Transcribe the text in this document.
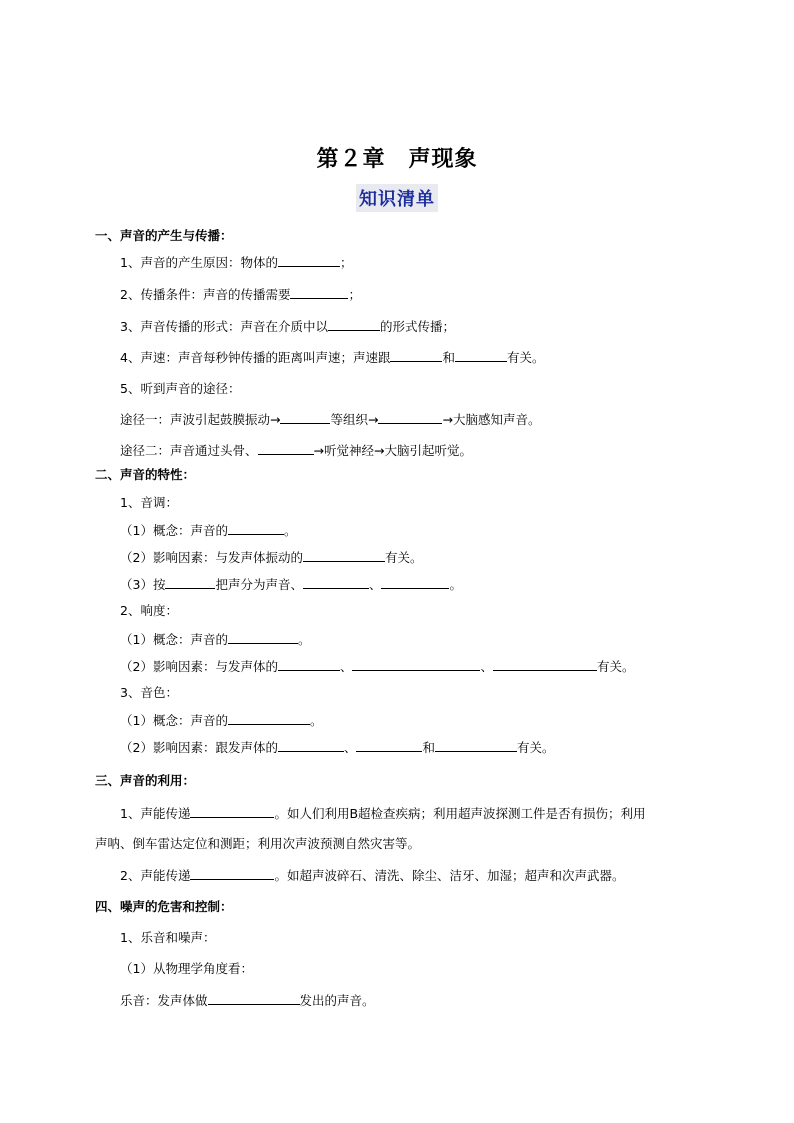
第２章　声现象
知识清单
一、声音的产生与传播：
1、声音的产生原因：物体的	；
2、传播条件：声音的传播需要	；
3、声音传播的形式：声音在介质中以	的形式传播；
4、声速：声音每秒钟传播的距离叫声速；声速跟	和	有关。
5、听到声音的途径：
途径一：声波引起鼓膜振动→	等组织→	→大脑感知声音。
途径二：声音通过头骨、	→听觉神经→大脑引起听觉。
二、声音的特性：
1、音调：
（1）概念：声音的	。
（2）影响因素：与发声体振动的	有关。
（3）按	把声分为声音、	、	。
2、响度：
（1）概念：声音的	。
（2）影响因素：与发声体的	、	、	有关。
3、音色：
（1）概念：声音的	。
（2）影响因素：跟发声体的	、	和	有关。
三、声音的利用：
1、声能传递	。如人们利用B超检查疾病；利用超声波探测工件是否有损伤；利用
声呐、倒车雷达定位和测距；利用次声波预测自然灾害等。
2、声能传递	。如超声波碎石、清洗、除尘、洁牙、加湿；超声和次声武器。
四、噪声的危害和控制：
1、乐音和噪声：
（1）从物理学角度看：
乐音：发声体做	发出的声音。
